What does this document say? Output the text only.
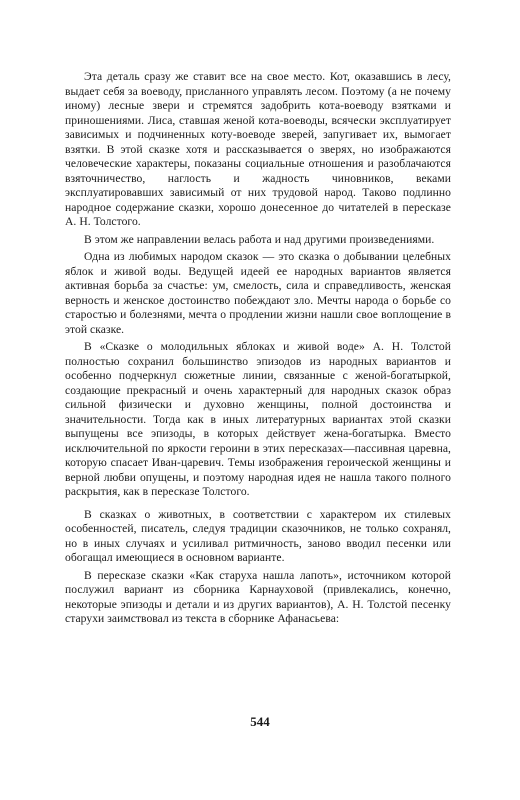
Эта деталь сразу же ставит все на свое место. Кот, оказавшись в лесу, выдает себя за воеводу, присланного управлять лесом. Поэтому (а не почему иному) лесные звери и стремятся задобрить кота-воеводу взятками и приношениями. Лиса, ставшая женой кота-воеводы, всячески эксплуатирует зависимых и подчиненных коту-воеводе зверей, запугивает их, вымогает взятки. В этой сказке хотя и рассказывается о зверях, но изображаются человеческие характеры, показаны социальные отношения и разоблачаются взяточничество, наглость и жадность чиновников, веками эксплуатировавших зависимый от них трудовой народ. Таково подлинно народное содержание сказки, хорошо донесенное до читателей в пересказе А. Н. Толстого.

В этом же направлении велась работа и над другими произведениями.

Одна из любимых народом сказок — это сказка о добывании целебных яблок и живой воды. Ведущей идеей ее народных вариантов являетcя активная борьба за счастье: ум, смелость, сила и справедливость, женская верность и женское достоинство побеждают зло. Мечты народа о борьбе со старостью и болезнями, мечта о продлении жизни нашли свое воплощение в этой сказке.

В «Сказке о молодильных яблоках и живой воде» А. Н. Толстой полностью сохранил большинство эпизодов из народных вариантов и особенно подчеркнул сюжетные линии, связанные с женой-богатыркой, создающие прекрасный и очень характерный для народных сказок образ сильной физически и духовно женщины, полной достоинства и значительности. Тогда как в иных литературных вариантах этой сказки выпущены все эпизоды, в которых действует жена-богатырка. Вместо исключительной по яркости героини в этих пересказах—пассивная царевна, которую спасает Иван-царевич. Темы изображения героической женщины и верной любви опущены, и поэтому народная идея не нашла такого полного раскрытия, как в пересказе Толстого.

В сказках о животных, в соответствии с характером их стилевых особенностей, писатель, следуя традиции сказочников, не только сохранял, но в иных случаях и усиливал ритмичность, заново вводил песенки или обогащал имеющиеся в основном варианте.

В пересказе сказки «Как старуха нашла лапоть», источником которой послужил вариант из сборника Карнауховой (привлекались, конечно, некоторые эпизоды и детали и из других вариантов), А. Н. Толстой песенку старухи заимствовал из текста в сборнике Афанасьева:

544
